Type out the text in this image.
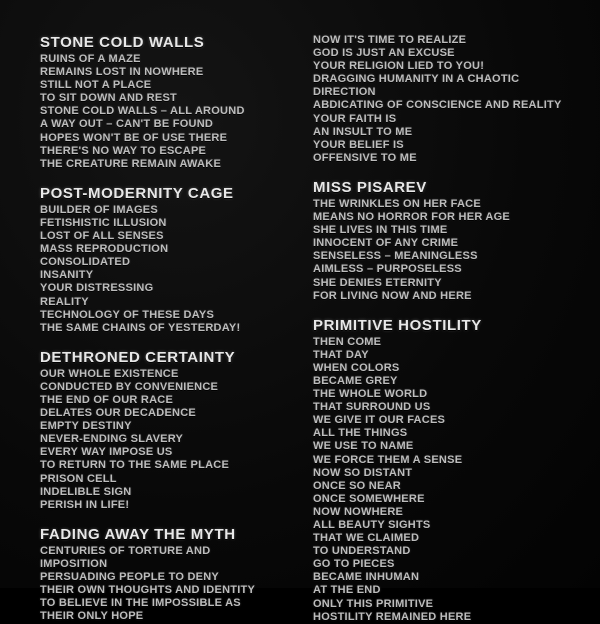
STONE COLD WALLS
RUINS OF A MAZE
REMAINS LOST IN NOWHERE
STILL NOT A PLACE
TO SIT DOWN AND REST
STONE COLD WALLS – ALL AROUND
A WAY OUT – CAN'T BE FOUND
HOPES WON'T BE OF USE THERE
THERE'S NO WAY TO ESCAPE
THE CREATURE REMAIN AWAKE
POST-MODERNITY CAGE
BUILDER OF IMAGES
FETISHISTIC ILLUSION
LOST OF ALL SENSES
MASS REPRODUCTION
CONSOLIDATED
INSANITY
YOUR DISTRESSING
REALITY
TECHNOLOGY OF THESE DAYS
THE SAME CHAINS OF YESTERDAY!
DETHRONED CERTAINTY
OUR WHOLE EXISTENCE
CONDUCTED BY CONVENIENCE
THE END OF OUR RACE
DELATES OUR DECADENCE
EMPTY DESTINY
NEVER-ENDING SLAVERY
EVERY WAY IMPOSE US
TO RETURN TO THE SAME PLACE
PRISON CELL
INDELIBLE SIGN
PERISH IN LIFE!
FADING AWAY THE MYTH
CENTURIES OF TORTURE AND
IMPOSITION
PERSUADING PEOPLE TO DENY
THEIR OWN THOUGHTS AND IDENTITY
TO BELIEVE IN THE IMPOSSIBLE AS
THEIR ONLY HOPE
NOW IT'S TIME TO REALIZE
GOD IS JUST AN EXCUSE
YOUR RELIGION LIED TO YOU!
DRAGGING HUMANITY IN A CHAOTIC
DIRECTION
ABDICATING OF CONSCIENCE AND REALITY
YOUR FAITH IS
AN INSULT TO ME
YOUR BELIEF IS
OFFENSIVE TO ME
MISS PISAREV
THE WRINKLES ON HER FACE
MEANS NO HORROR FOR HER AGE
SHE LIVES IN THIS TIME
INNOCENT OF ANY CRIME
SENSELESS – MEANINGLESS
AIMLESS – PURPOSELESS
SHE DENIES ETERNITY
FOR LIVING NOW AND HERE
PRIMITIVE HOSTILITY
THEN COME
THAT DAY
WHEN COLORS
BECAME GREY
THE WHOLE WORLD
THAT SURROUND US
WE GIVE IT OUR FACES
ALL THE THINGS
WE USE TO NAME
WE FORCE THEM A SENSE
NOW SO DISTANT
ONCE SO NEAR
ONCE SOMEWHERE
NOW NOWHERE
ALL BEAUTY SIGHTS
THAT WE CLAIMED
TO UNDERSTAND
GO TO PIECES
BECAME INHUMAN
AT THE END
ONLY THIS PRIMITIVE
HOSTILITY REMAINED HERE
